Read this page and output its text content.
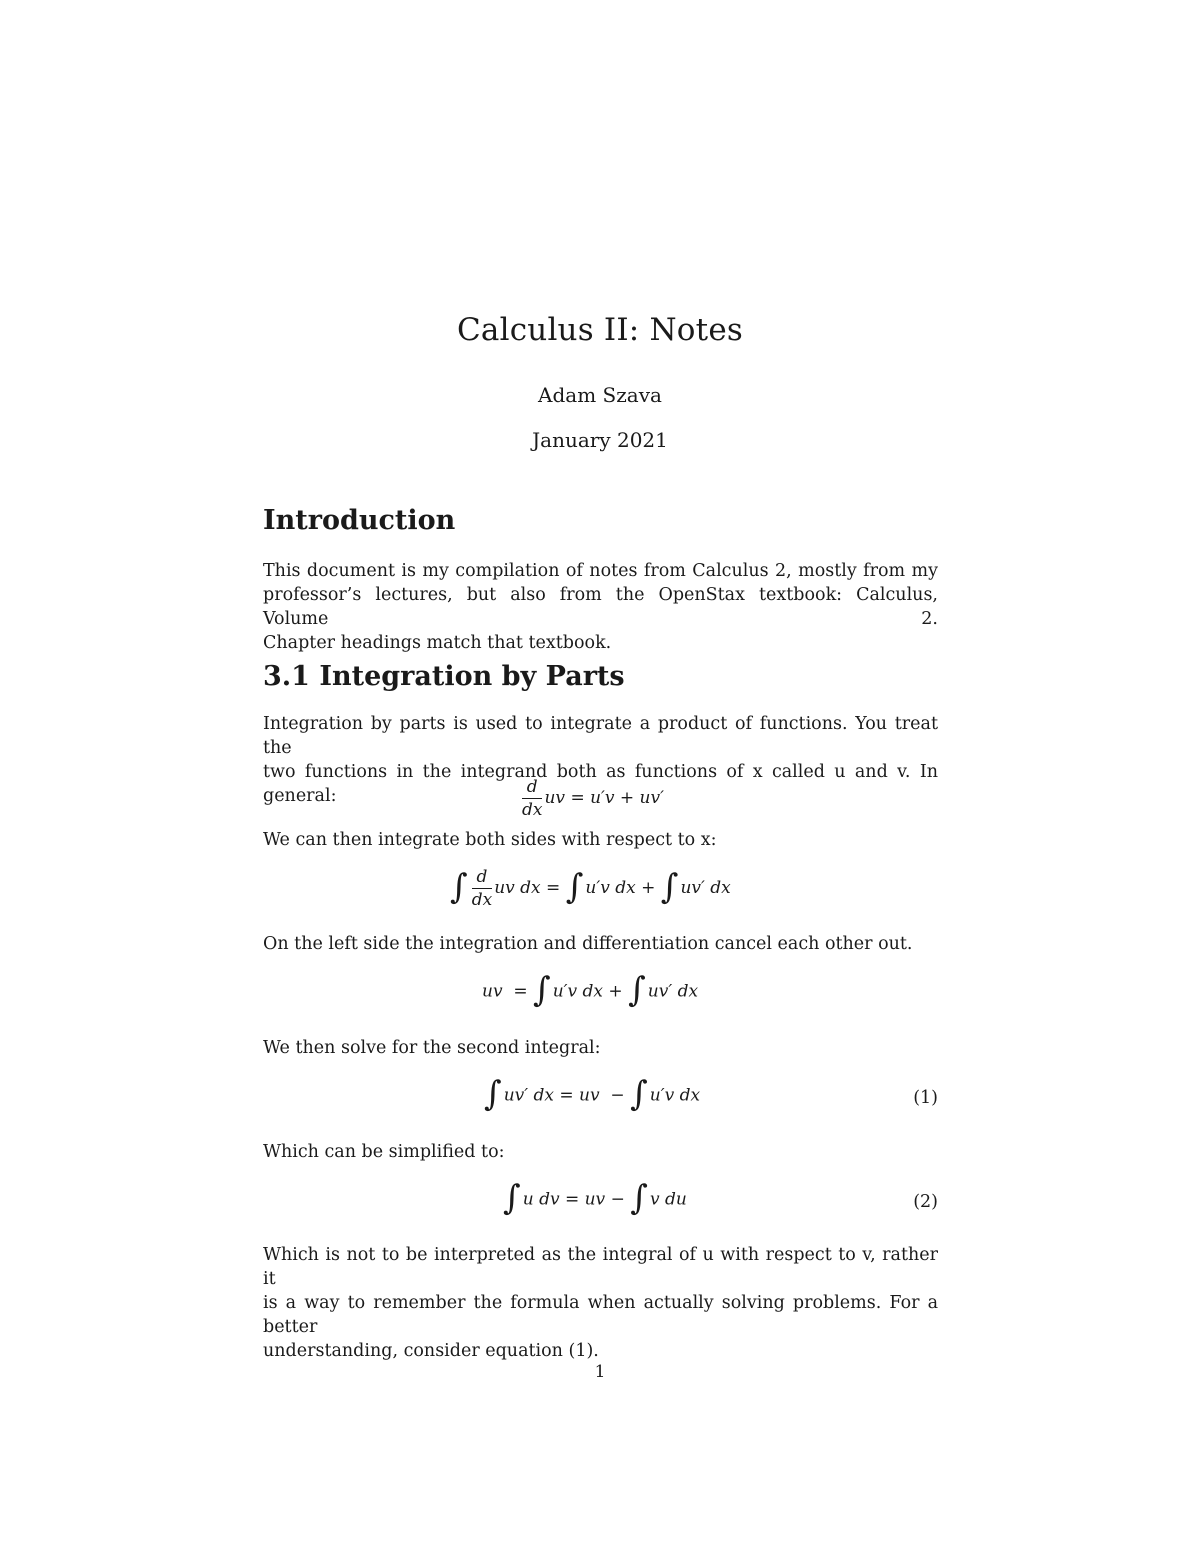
Calculus II: Notes
Adam Szava
January 2021
Introduction
This document is my compilation of notes from Calculus 2, mostly from my
professor’s lectures, but also from the OpenStax textbook: Calculus, Volume 2.
Chapter headings match that textbook.
3.1 Integration by Parts
Integration by parts is used to integrate a product of functions. You treat the
two functions in the integrand both as functions of x called u and v. In general:	$\frac{d}{dx}$ uv = u′v + uv′
We can then integrate both sides with respect to x:
∫ $\frac{d}{dx}$ uv dx = ∫ u′v dx + ∫ uv′ dx
On the left side the integration and differentiation cancel each other out.
uv  = ∫ u′v dx + ∫ uv′ dx
We then solve for the second integral:
∫ uv′ dx = uv  − ∫ u′v dx	(1)
Which can be simplified to:
∫ u dv = uv − ∫ v du	(2)
Which is not to be interpreted as the integral of u with respect to v, rather it
is a way to remember the formula when actually solving problems. For a better
understanding, consider equation (1).
1
